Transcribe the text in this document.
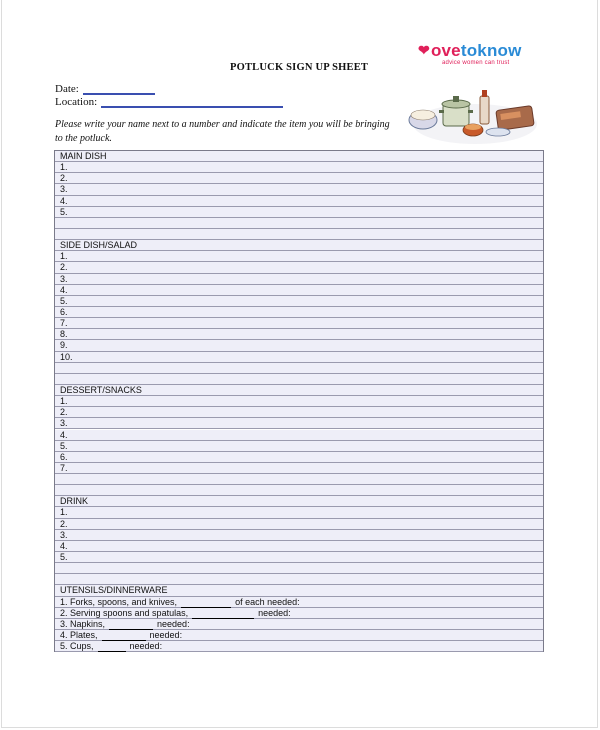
❤ ove to know
advice women can trust
POTLUCK SIGN UP SHEET
Date:
Location:
Please write your name next to a number and indicate the item you will be bringing to the potluck.
MAIN DISH
1.
2.
3.
4.
5.
SIDE DISH/SALAD
1.
2.
3.
4.
5.
6.
7.
8.
9.
10.
DESSERT/SNACKS
1.
2.
3.
4.
5.
6.
7.
DRINK
1.
2.
3.
4.
5.
UTENSILS/DINNERWARE
1. Forks, spoons, and knives,	of each needed:
2. Serving spoons and spatulas,	needed:
3. Napkins,	needed:
4. Plates,	needed:
5. Cups,	needed:
